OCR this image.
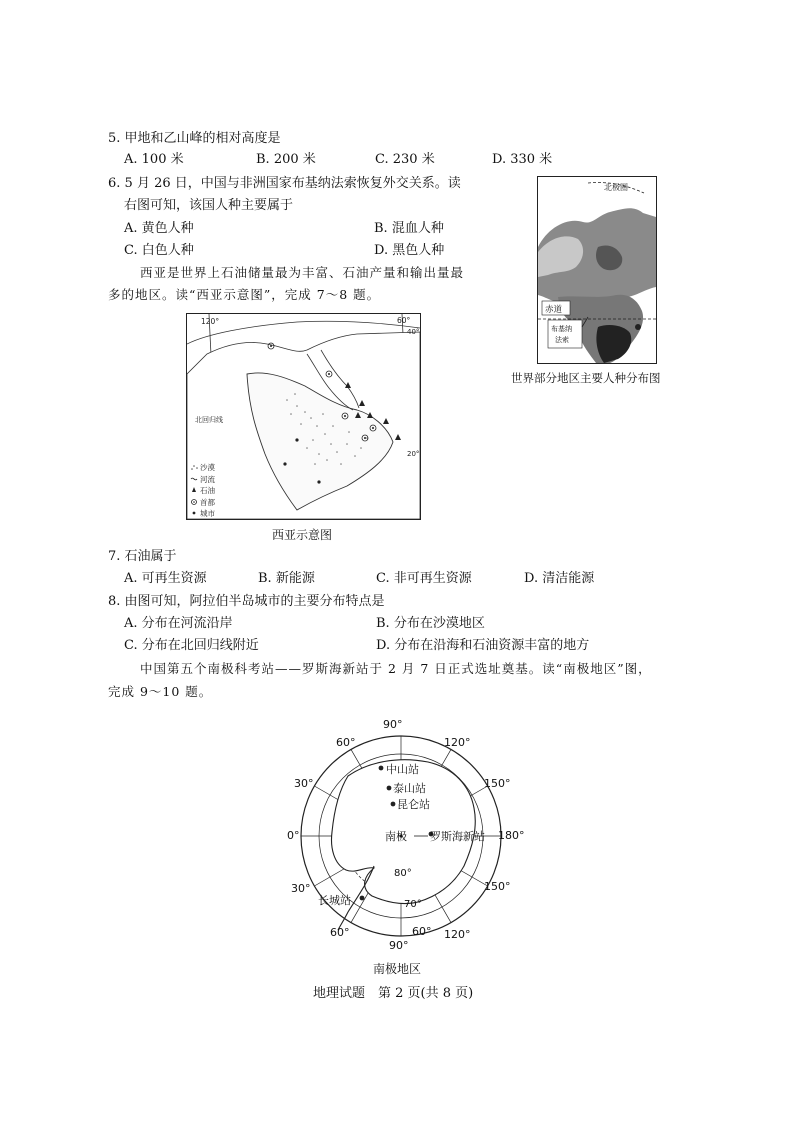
5. 甲地和乙山峰的相对高度是
A. 100 米	B. 200 米	C. 230 米	D. 330 米
6. 5 月 26 日，中国与非洲国家布基纳法索恢复外交关系。读
右图可知，该国人种主要属于
A. 黄色人种	B. 混血人种
C. 白色人种	D. 黑色人种
西亚是世界上石油储量最为丰富、石油产量和输出量最
多的地区。读“西亚示意图”，完成 7～8 题。
北极圈
赤道
布基纳
法索
世界部分地区主要人种分布图
120°	60°
40°
20°
北回归线
沙漠
河流
石油
首都
城市
西亚示意图
7. 石油属于
A. 可再生资源	B. 新能源	C. 非可再生资源	D. 清洁能源
8. 由图可知，阿拉伯半岛城市的主要分布特点是
A. 分布在河流沿岸	B. 分布在沙漠地区
C. 分布在北回归线附近	D. 分布在沿海和石油资源丰富的地方
中国第五个南极科考站——罗斯海新站于 2 月 7 日正式选址奠基。读“南极地区”图，
完成 9～10 题。
90°
60°	120°
30°	150°
0°	180°
30°	150°
60°
90°
60° 120°
80°
70°
中山站
泰山站
昆仑站
南极 罗斯海新站
长城站
南极地区
地理试题　第 2 页(共 8 页)
